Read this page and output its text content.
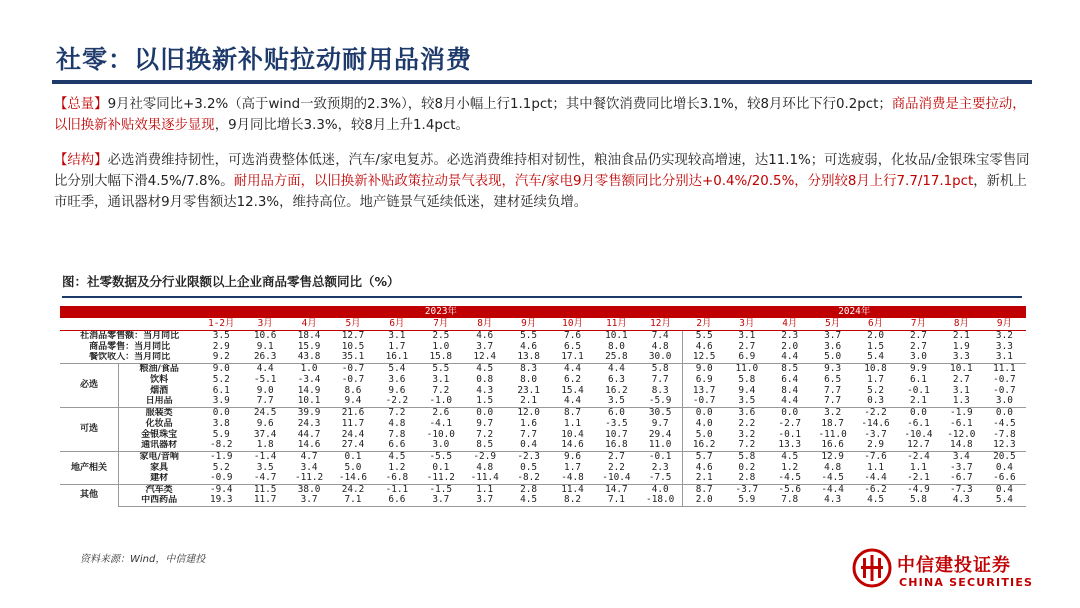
社零：以旧换新补贴拉动耐用品消费
【总量】9月社零同比+3.2%（高于wind一致预期的2.3%），较8月小幅上行1.1pct；其中餐饮消费同比增长3.1%，较8月环比下行0.2pct；商品消费是主要拉动，以旧换新补贴效果逐步显现，9月同比增长3.3%，较8月上升1.4pct。
【结构】必选消费维持韧性，可选消费整体低迷，汽车/家电复苏。必选消费维持相对韧性，粮油食品仍实现较高增速，达11.1%；可选疲弱，化妆品/金银珠宝零售同比分别大幅下滑4.5%/7.8%。耐用品方面，以旧换新补贴政策拉动景气表现，汽车/家电9月零售额同比分别达+0.4%/20.5%，分别较8月上行7.7/17.1pct，新机上市旺季，通讯器材9月零售额达12.3%，维持高位。地产链景气延续低迷，建材延续负增。
图：社零数据及分行业限额以上企业商品零售总额同比（%）
		2023年											2024年							
		1-2月	3月	4月	5月	6月	7月	8月	9月	10月	11月	12月	2月	3月	4月	5月	6月	7月	8月	9月
社消品零售额：当月同比		3.5	10.6	18.4	12.7	3.1	2.5	4.6	5.5	7.6	10.1	7.4	5.5	3.1	2.3	3.7	2.0	2.7	2.1	3.2
商品零售：当月同比		2.9	9.1	15.9	10.5	1.7	1.0	3.7	4.6	6.5	8.0	4.8	4.6	2.7	2.0	3.6	1.5	2.7	1.9	3.3
餐饮收入：当月同比		9.2	26.3	43.8	35.1	16.1	15.8	12.4	13.8	17.1	25.8	30.0	12.5	6.9	4.4	5.0	5.4	3.0	3.3	3.1
必选	粮油/食品	9.0	4.4	1.0	-0.7	5.4	5.5	4.5	8.3	4.4	4.4	5.8	9.0	11.0	8.5	9.3	10.8	9.9	10.1	11.1
	饮料	5.2	-5.1	-3.4	-0.7	3.6	3.1	0.8	8.0	6.2	6.3	7.7	6.9	5.8	6.4	6.5	1.7	6.1	2.7	-0.7
	烟酒	6.1	9.0	14.9	8.6	9.6	7.2	4.3	23.1	15.4	16.2	8.3	13.7	9.4	8.4	7.7	5.2	-0.1	3.1	-0.7
	日用品	3.9	7.7	10.1	9.4	-2.2	-1.0	1.5	2.1	4.4	3.5	-5.9	-0.7	3.5	4.4	7.7	0.3	2.1	1.3	3.0
可选	服装类	0.0	24.5	39.9	21.6	7.2	2.6	0.0	12.0	8.7	6.0	30.5	0.0	3.6	0.0	3.2	-2.2	0.0	-1.9	0.0
	化妆品	3.8	9.6	24.3	11.7	4.8	-4.1	9.7	1.6	1.1	-3.5	9.7	4.0	2.2	-2.7	18.7	-14.6	-6.1	-6.1	-4.5
	金银珠宝	5.9	37.4	44.7	24.4	7.8	-10.0	7.2	7.7	10.4	10.7	29.4	5.0	3.2	-0.1	-11.0	-3.7	-10.4	-12.0	-7.8
	通讯器材	-8.2	1.8	14.6	27.4	6.6	3.0	8.5	0.4	14.6	16.8	11.0	16.2	7.2	13.3	16.6	2.9	12.7	14.8	12.3
地产相关	家电/音响	-1.9	-1.4	4.7	0.1	4.5	-5.5	-2.9	-2.3	9.6	2.7	-0.1	5.7	5.8	4.5	12.9	-7.6	-2.4	3.4	20.5
	家具	5.2	3.5	3.4	5.0	1.2	0.1	4.8	0.5	1.7	2.2	2.3	4.6	0.2	1.2	4.8	1.1	1.1	-3.7	0.4
	建材	-0.9	-4.7	-11.2	-14.6	-6.8	-11.2	-11.4	-8.2	-4.8	-10.4	-7.5	2.1	2.8	-4.5	-4.5	-4.4	-2.1	-6.7	-6.6
其他	汽车类	-9.4	11.5	38.0	24.2	-1.1	-1.5	1.1	2.8	11.4	14.7	4.0	8.7	-3.7	-5.6	-4.4	-6.2	-4.9	-7.3	0.4
	中西药品	19.3	11.7	3.7	7.1	6.6	3.7	3.7	4.5	8.2	7.1	-18.0	2.0	5.9	7.8	4.3	4.5	5.8	4.3	5.4
资料来源：Wind，中信建投	中信建投证券
CHINA SECURITIES
